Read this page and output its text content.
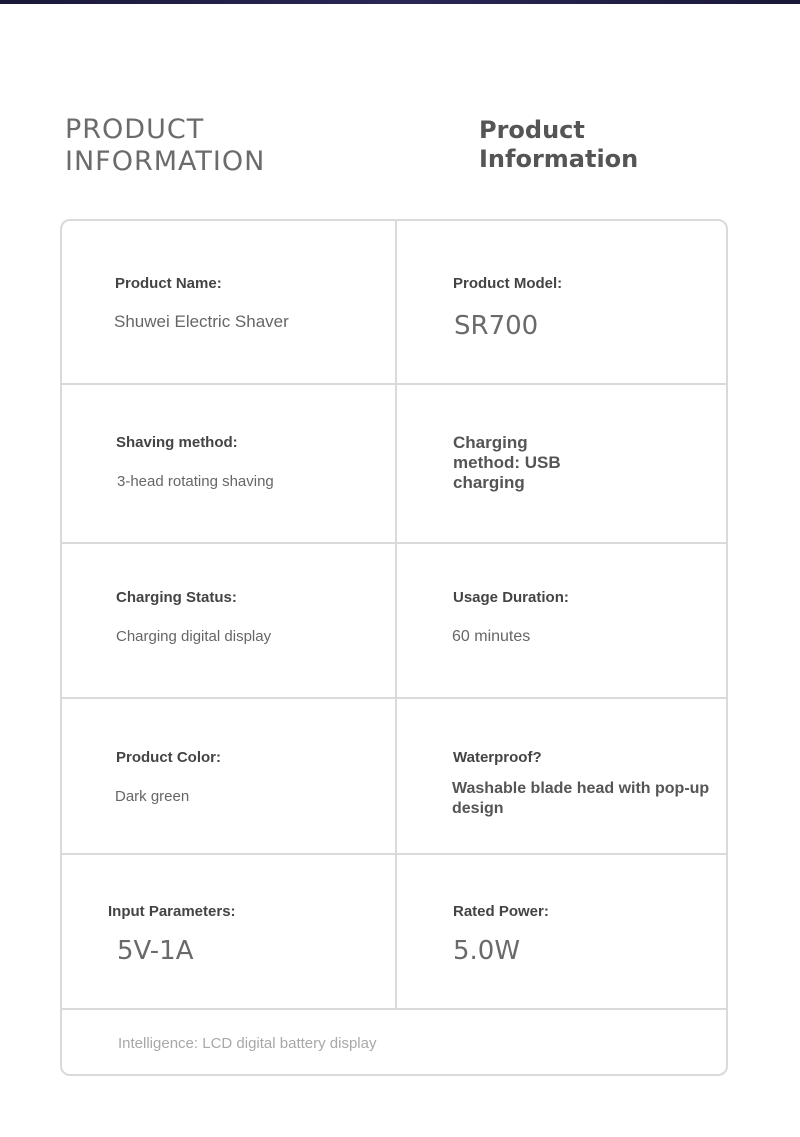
PRODUCT
INFORMATION
Product
Information
Product Name:
Shuwei Electric Shaver
Product Model:
SR700
Shaving method:
3-head rotating shaving
Charging method: USB charging
Charging Status:
Charging digital display
Usage Duration:
60 minutes
Product Color:
Dark green
Waterproof?
Washable blade head with pop-up design
Input Parameters:
5V-1A
Rated Power:
5.0W
Intelligence: LCD digital battery display
